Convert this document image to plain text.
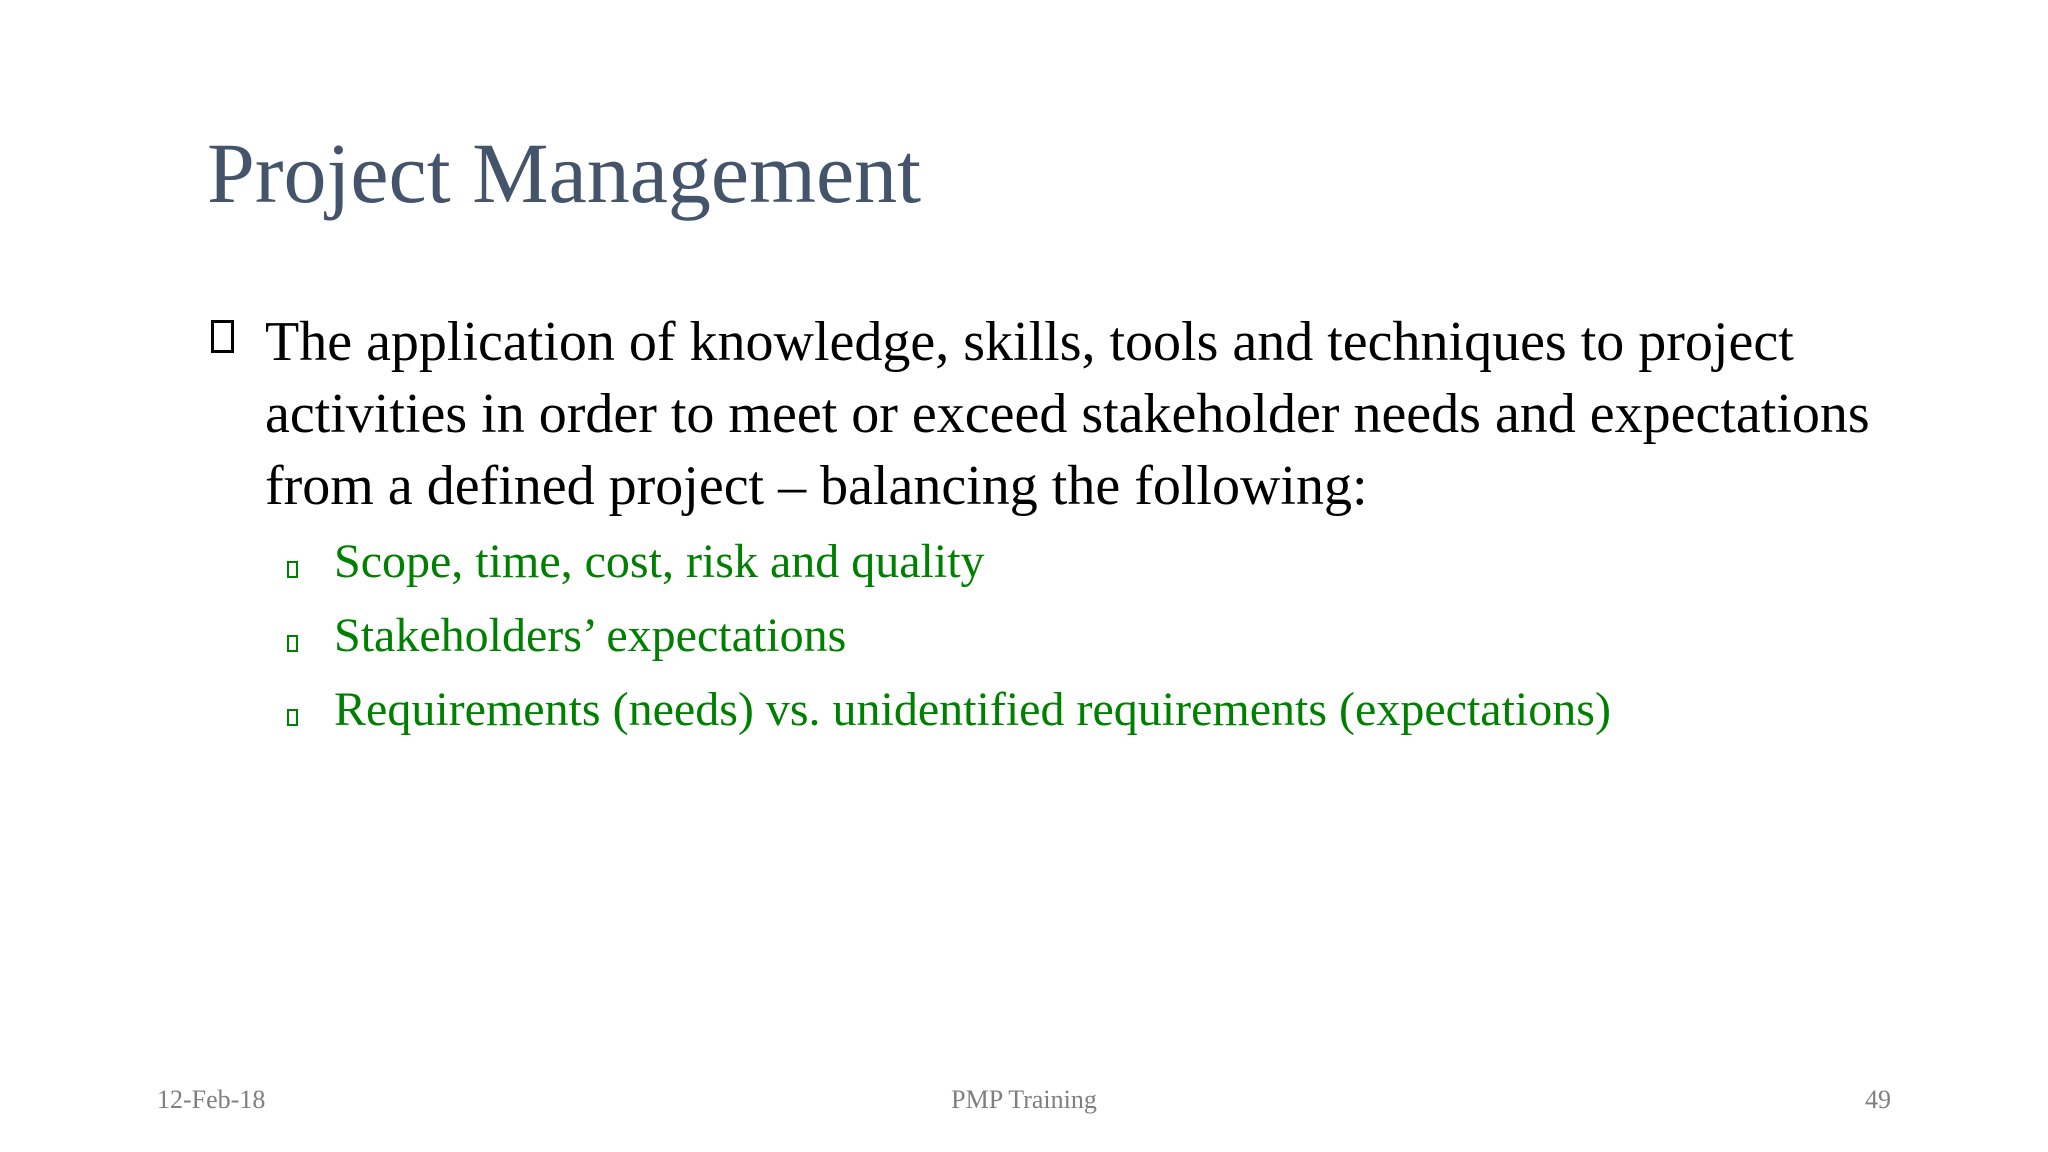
Project Management
The application of knowledge, skills, tools and techniques to project activities in order to meet or exceed stakeholder needs and expectations from a defined project – balancing the following:
Scope, time, cost, risk and quality
Stakeholders’ expectations
Requirements (needs) vs. unidentified requirements (expectations)
12-Feb-18	PMP Training	49
